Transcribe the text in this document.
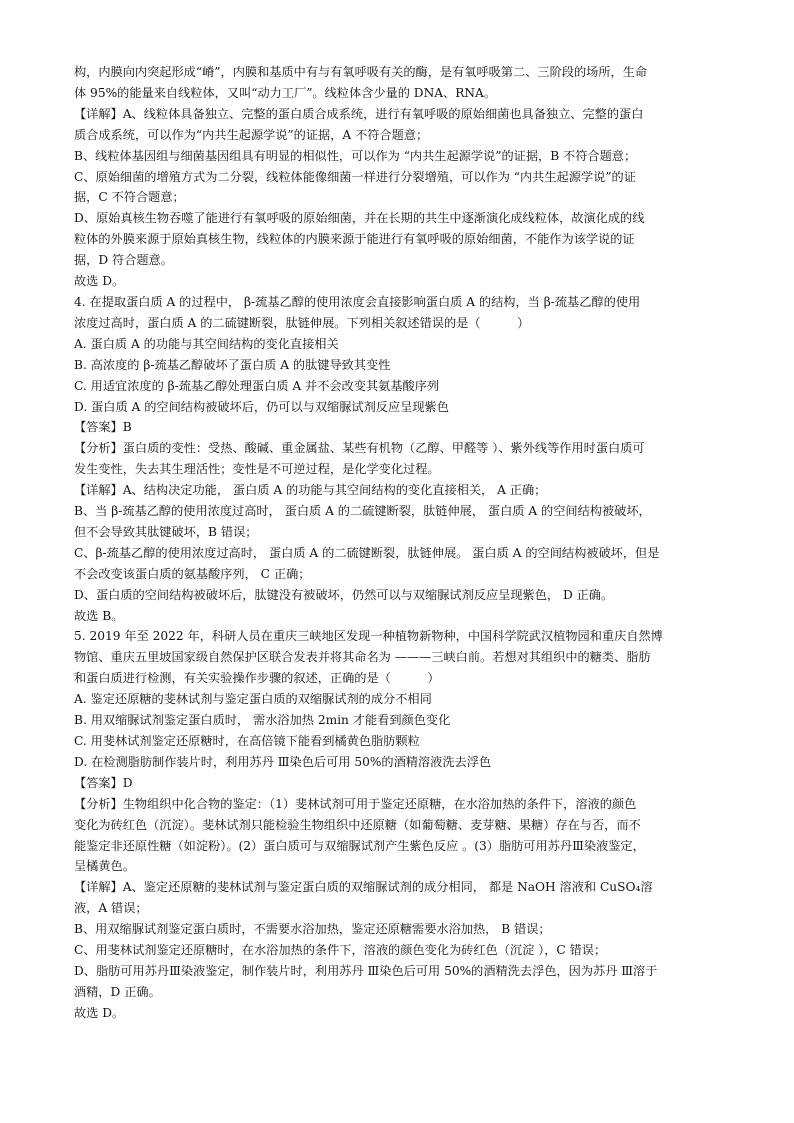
构，内膜向内突起形成“嵴”，内膜和基质中有与有氧呼吸有关的酶，是有氧呼吸第二、三阶段的场所，生命
体 95%的能量来自线粒体，又叫“动力工厂”。线粒体含少量的 DNA、RNA。
【详解】A、线粒体具备独立、完整的蛋白质合成系统，进行有氧呼吸的原始细菌也具备独立、完整的蛋白
质合成系统，可以作为“内共生起源学说”的证据，A 不符合题意；
B、线粒体基因组与细菌基因组具有明显的相似性，可以作为 “内共生起源学说”的证据，B 不符合题意；
C、原始细菌的增殖方式为二分裂，线粒体能像细菌一样进行分裂增殖，可以作为 “内共生起源学说”的证
据，C 不符合题意；
D、原始真核生物吞噬了能进行有氧呼吸的原始细菌，并在长期的共生中逐渐演化成线粒体，故演化成的线
粒体的外膜来源于原始真核生物，线粒体的内膜来源于能进行有氧呼吸的原始细菌，不能作为该学说的证
据，D 符合题意。
故选 D。
4. 在提取蛋白质 A 的过程中， β-巯基乙醇的使用浓度会直接影响蛋白质 A 的结构，当 β-巯基乙醇的使用
浓度过高时，蛋白质 A 的二硫键断裂，肽链伸展。下列相关叙述错误的是（　　　）
A. 蛋白质 A 的功能与其空间结构的变化直接相关
B. 高浓度的 β-巯基乙醇破坏了蛋白质 A 的肽键导致其变性
C. 用适宜浓度的 β-巯基乙醇处理蛋白质 A 并不会改变其氨基酸序列
D. 蛋白质 A 的空间结构被破坏后，仍可以与双缩脲试剂反应呈现紫色
【答案】B
【分析】蛋白质的变性：受热、酸碱、重金属盐、某些有机物（乙醇、甲醛等 ）、紫外线等作用时蛋白质可
发生变性，失去其生理活性；变性是不可逆过程，是化学变化过程。
【详解】A、结构决定功能， 蛋白质 A 的功能与其空间结构的变化直接相关， A 正确；
B、当 β-巯基乙醇的使用浓度过高时， 蛋白质 A 的二硫键断裂，肽链伸展， 蛋白质 A 的空间结构被破坏，
但不会导致其肽键破坏，B 错误；
C、β-巯基乙醇的使用浓度过高时， 蛋白质 A 的二硫键断裂，肽链伸展。 蛋白质 A 的空间结构被破坏，但是
不会改变该蛋白质的氨基酸序列， C 正确；
D、蛋白质的空间结构被破坏后，肽键没有被破坏，仍然可以与双缩脲试剂反应呈现紫色， D 正确。
故选 B。
5. 2019 年至 2022 年，科研人员在重庆三峡地区发现一种植物新物种，中国科学院武汉植物园和重庆自然博
物馆、重庆五里坡国家级自然保护区联合发表并将其命名为 ———三峡白前。若想对其组织中的糖类、脂肪
和蛋白质进行检测，有关实验操作步骤的叙述，正确的是（　　　）
A. 鉴定还原糖的斐林试剂与鉴定蛋白质的双缩脲试剂的成分不相同
B. 用双缩脲试剂鉴定蛋白质时， 需水浴加热 2min 才能看到颜色变化
C. 用斐林试剂鉴定还原糖时，在高倍镜下能看到橘黄色脂肪颗粒
D. 在检测脂肪制作装片时，利用苏丹 Ⅲ染色后可用 50%的酒精溶液洗去浮色
【答案】D
【分析】生物组织中化合物的鉴定：（1）斐林试剂可用于鉴定还原糖，在水浴加热的条件下，溶液的颜色
变化为砖红色（沉淀）。斐林试剂只能检验生物组织中还原糖（如葡萄糖、麦芽糖、果糖）存在与否，而不
能鉴定非还原性糖（如淀粉）。(2）蛋白质可与双缩脲试剂产生紫色反应 。(3）脂肪可用苏丹Ⅲ染液鉴定，
呈橘黄色。
【详解】A、鉴定还原糖的斐林试剂与鉴定蛋白质的双缩脲试剂的成分相同， 都是 NaOH 溶液和 CuSO₄溶
液，A 错误；
B、用双缩脲试剂鉴定蛋白质时，不需要水浴加热，鉴定还原糖需要水浴加热， B 错误；
C、用斐林试剂鉴定还原糖时，在水浴加热的条件下，溶液的颜色变化为砖红色（沉淀 ），C 错误；
D、脂肪可用苏丹Ⅲ染液鉴定，制作装片时，利用苏丹 Ⅲ染色后可用 50%的酒精洗去浮色，因为苏丹 Ⅲ溶于
酒精，D 正确。
故选 D。
